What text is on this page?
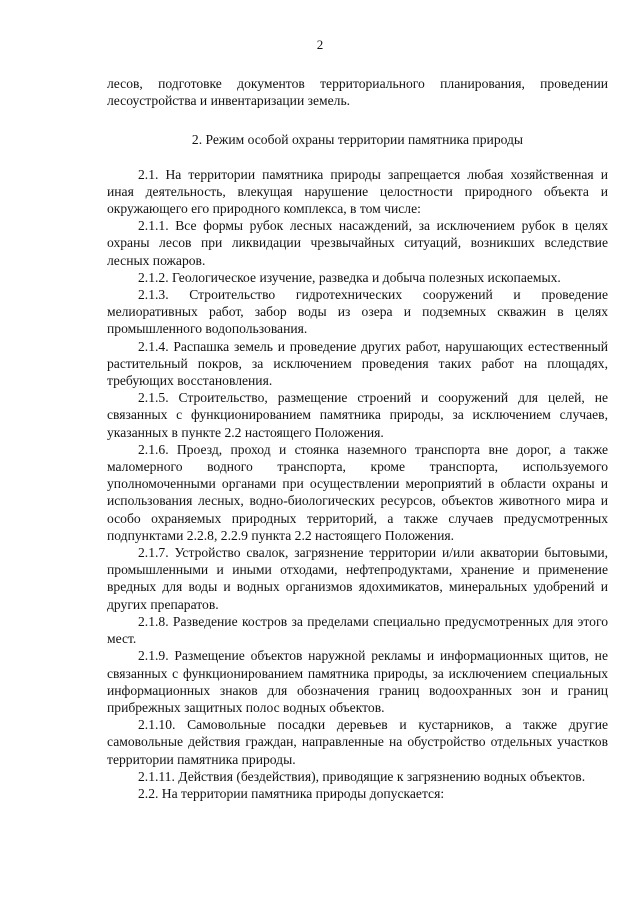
2

лесов, подготовке документов территориального планирования, проведении лесоустройства и инвентаризации земель.

2. Режим особой охраны территории памятника природы

2.1. На территории памятника природы запрещается любая хозяйственная и иная деятельность, влекущая нарушение целостности природного объекта и окружающего его природного комплекса, в том числе:

2.1.1. Все формы рубок лесных насаждений, за исключением рубок в целях охраны лесов при ликвидации чрезвычайных ситуаций, возникших вследствие лесных пожаров.

2.1.2. Геологическое изучение, разведка и добыча полезных ископаемых.

2.1.3. Строительство гидротехнических сооружений и проведение мелиоративных работ, забор воды из озера и подземных скважин в целях промышленного водопользования.

2.1.4. Распашка земель и проведение других работ, нарушающих естественный растительный покров, за исключением проведения таких работ на площадях, требующих восстановления.

2.1.5. Строительство, размещение строений и сооружений для целей, не связанных с функционированием памятника природы, за исключением случаев, указанных в пункте 2.2 настоящего Положения.

2.1.6. Проезд, проход и стоянка наземного транспорта вне дорог, а также маломерного водного транспорта, кроме транспорта, используемого уполномоченными органами при осуществлении мероприятий в области охраны и использования лесных, водно-биологических ресурсов, объектов животного мира и особо охраняемых природных территорий, а также случаев предусмотренных подпунктами 2.2.8, 2.2.9 пункта 2.2 настоящего Положения.

2.1.7. Устройство свалок, загрязнение территории и/или акватории бытовыми, промышленными и иными отходами, нефтепродуктами, хранение и применение вредных для воды и водных организмов ядохимикатов, минеральных удобрений и других препаратов.

2.1.8. Разведение костров за пределами специально предусмотренных для этого мест.

2.1.9. Размещение объектов наружной рекламы и информационных щитов, не связанных с функционированием памятника природы, за исключением специальных информационных знаков для обозначения границ водоохранных зон и границ прибрежных защитных полос водных объектов.

2.1.10. Самовольные посадки деревьев и кустарников, а также другие самовольные действия граждан, направленные на обустройство отдельных участков территории памятника природы.

2.1.11. Действия (бездействия), приводящие к загрязнению водных объектов.

2.2. На территории памятника природы допускается:
